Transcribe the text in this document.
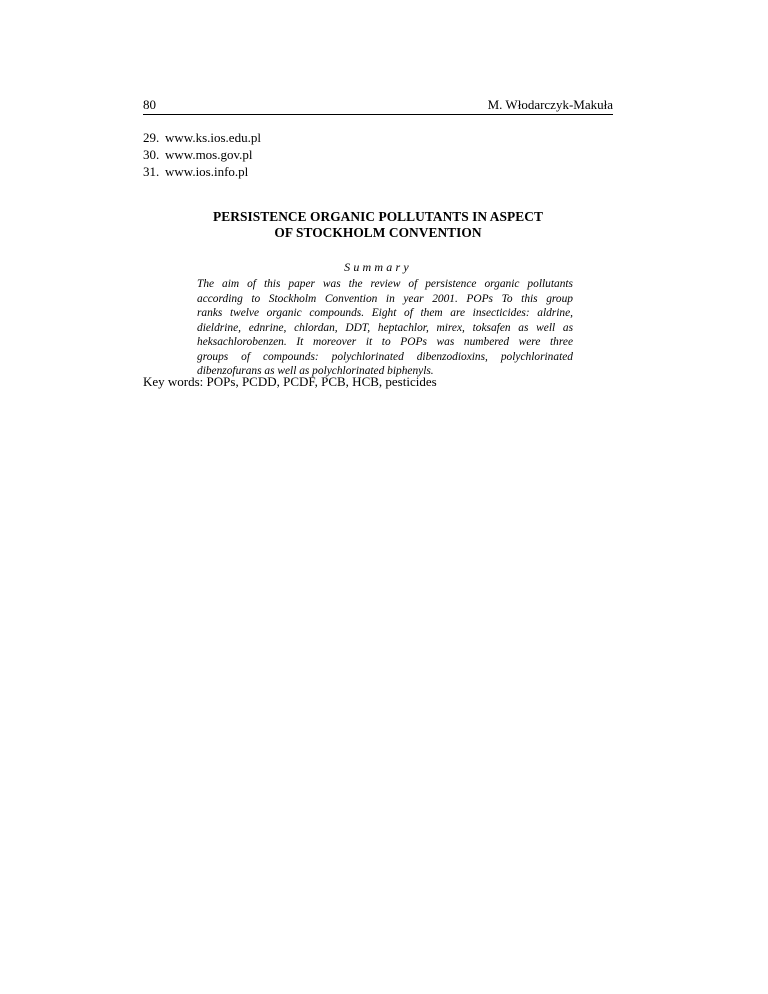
80	M. Włodarczyk-Makuła
29. www.ks.ios.edu.pl
30. www.mos.gov.pl
31. www.ios.info.pl
PERSISTENCE ORGANIC POLLUTANTS IN ASPECT
OF STOCKHOLM CONVENTION
Summary
The aim of this paper was the review of persistence organic pollutants
according to Stockholm Convention in year 2001. POPs To this group
ranks twelve organic compounds. Eight of them are insecticides: aldrine,
dieldrine, ednrine, chlordan, DDT, heptachlor, mirex, toksafen as well as
heksachlorobenzen. It moreover it to POPs was numbered were three
groups of compounds: polychlorinated dibenzodioxins, polychlorinated
dibenzofurans as well as polychlorinated biphenyls.
Key words: POPs, PCDD, PCDF, PCB, HCB, pesticides
